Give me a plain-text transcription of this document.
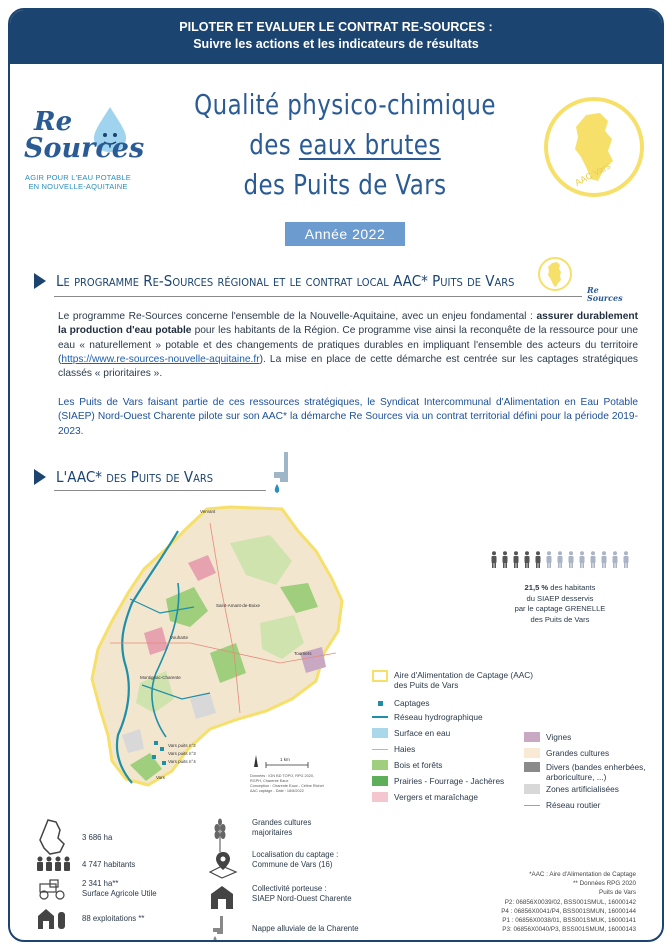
PILOTER ET EVALUER LE CONTRAT RE-SOURCES :
Suivre les actions et les indicateurs de résultats
Re
Sources
AGIR POUR L'EAU POTABLE
EN NOUVELLE-AQUITAINE
Qualité physico-chimique
des eaux brutes
des Puits de Vars
Année 2022
AAC Vars
Le programme Re-Sources régional et le contrat local AAC* Puits de Vars	Re
Sources
Le programme Re-Sources concerne l'ensemble de la Nouvelle-Aquitaine, avec un enjeu fondamental : assurer durablement la production d'eau potable pour les habitants de la Région. Ce programme vise ainsi la reconquête de la ressource pour une eau « naturellement » potable et des changements de pratiques durables en impliquant l'ensemble des acteurs du territoire (https://www.re-sources-nouvelle-aquitaine.fr). La mise en place de cette démarche est centrée sur les captages stratégiques classés « prioritaires ».
Les Puits de Vars faisant partie de ces ressources stratégiques, le Syndicat Intercommunal d'Alimentation en Eau Potable (SIAEP) Nord-Ouest Charente pilote sur son AAC* la démarche Re Sources via un contrat territorial défini pour la période 2019-2023.
L'AAC* des Puits de Vars
Vervant
Saint-Amant-de-Boixe
Vouharte
Tourriers
Montignac-Charente
Vars puits n°2
Vars puits n°3
Vars puits n°4
Vars
1 km
Données : IGN BD TOPO, RPG 2020,
RGPH, Charente Eaux
Conception : Charente Eaux - Céline Richet
AAC captage - Date : 18/8/2022
21,5 % des habitants
du SIAEP desservis
par le captage GRENELLE
des Puits de Vars
Aire d'Alimentation de Captage (AAC)
des Puits de Vars
Captages
Réseau hydrographique
Surface en eau
Haies
Bois et forêts
Prairies - Fourrage - Jachères
Vergers et maraîchage
Vignes
Grandes cultures
Divers (bandes enherbées,
arboriculture, ...)
Zones artificialisées
Réseau routier
3 686 ha
4 747 habitants
2 341 ha**
Surface Agricole Utile
88 exploitations **
Grandes cultures
majoritaires
Localisation du captage :
Commune de Vars (16)
Collectivité porteuse :
SIAEP Nord-Ouest Charente
Nappe alluviale de la Charente
*AAC : Aire d'Alimentation de Captage
** Données RPG 2020
Puits de Vars
P2: 06856X0039/02, BSS001SMUL, 16000142
P4 : 06856X0041/P4, BSS001SMUN, 16000144
P1 : 06856X0038/01, BSS001SMUK, 16000141
P3: 06856X0040/P3, BSS001SMUM, 16000143
